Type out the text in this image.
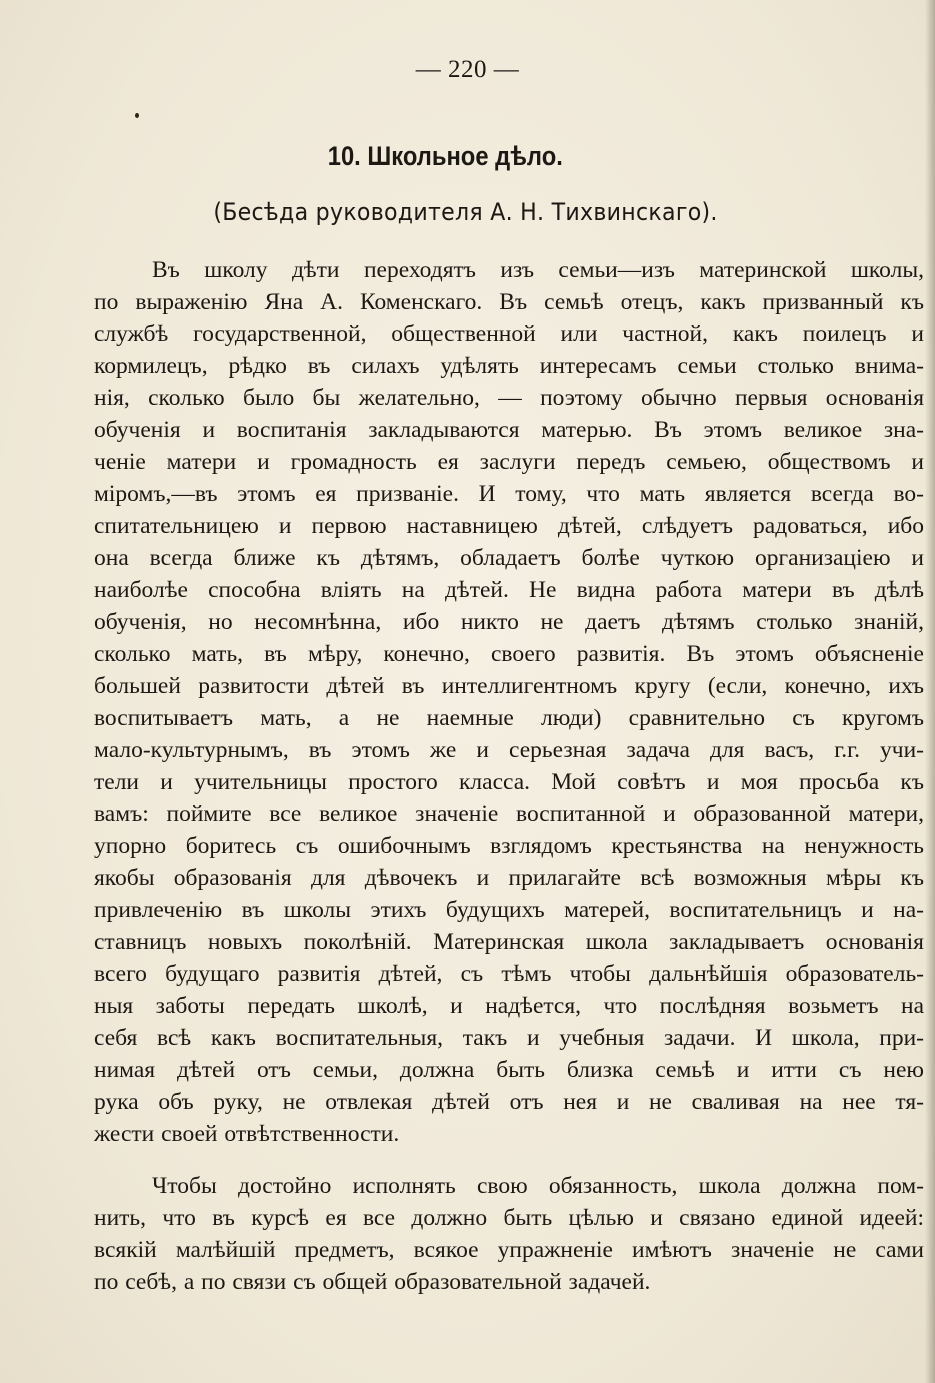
— 220 —
10. Школьное дѣло.
(Бесѣда руководителя А. Н. Тихвинскаго).
Въ школу дѣти переходятъ изъ семьи—изъ материнской школы,
по выраженію Яна А. Коменскаго. Въ семьѣ отецъ, какъ призванный къ
службѣ государственной, общественной или частной, какъ поилецъ и
кормилецъ, рѣдко въ силахъ удѣлять интересамъ семьи столько внима-
нія, сколько было бы желательно, — поэтому обычно первыя основанія
обученія и воспитанія закладываются матерью. Въ этомъ великое зна-
ченіе матери и громадность ея заслуги передъ семьею, обществомъ и
міромъ,—въ этомъ ея призваніе. И тому, что мать является всегда во-
спитательницею и первою наставницею дѣтей, слѣдуетъ радоваться, ибо
она всегда ближе къ дѣтямъ, обладаетъ болѣе чуткою организаціею и
наиболѣе способна вліять на дѣтей. Не видна работа матери въ дѣлѣ
обученія, но несомнѣнна, ибо никто не даетъ дѣтямъ столько знаній,
сколько мать, въ мѣру, конечно, своего развитія. Въ этомъ объясненіе
большей развитости дѣтей въ интеллигентномъ кругу (если, конечно, ихъ
воспитываетъ мать, а не наемные люди) сравнительно съ кругомъ
мало-культурнымъ, въ этомъ же и серьезная задача для васъ, г.г. учи-
тели и учительницы простого класса. Мой совѣтъ и моя просьба къ
вамъ: поймите все великое значеніе воспитанной и образованной матери,
упорно боритесь съ ошибочнымъ взглядомъ крестьянства на ненужность
якобы образованія для дѣвочекъ и прилагайте всѣ возможныя мѣры къ
привлеченію въ школы этихъ будущихъ матерей, воспитательницъ и на-
ставницъ новыхъ поколѣній. Материнская школа закладываетъ основанія
всего будущаго развитія дѣтей, съ тѣмъ чтобы дальнѣйшія образователь-
ныя заботы передать школѣ, и надѣется, что послѣдняя возьметъ на
себя всѣ какъ воспитательныя, такъ и учебныя задачи. И школа, при-
нимая дѣтей отъ семьи, должна быть близка семьѣ и итти съ нею
рука объ руку, не отвлекая дѣтей отъ нея и не сваливая на нее тя-
жести своей отвѣтственности.
Чтобы достойно исполнять свою обязанность, школа должна пом-
нить, что въ курсѣ ея все должно быть цѣлью и связано единой идеей:
всякій малѣйшій предметъ, всякое упражненіе имѣютъ значеніе не сами
по себѣ, а по связи съ общей образовательной задачей.
